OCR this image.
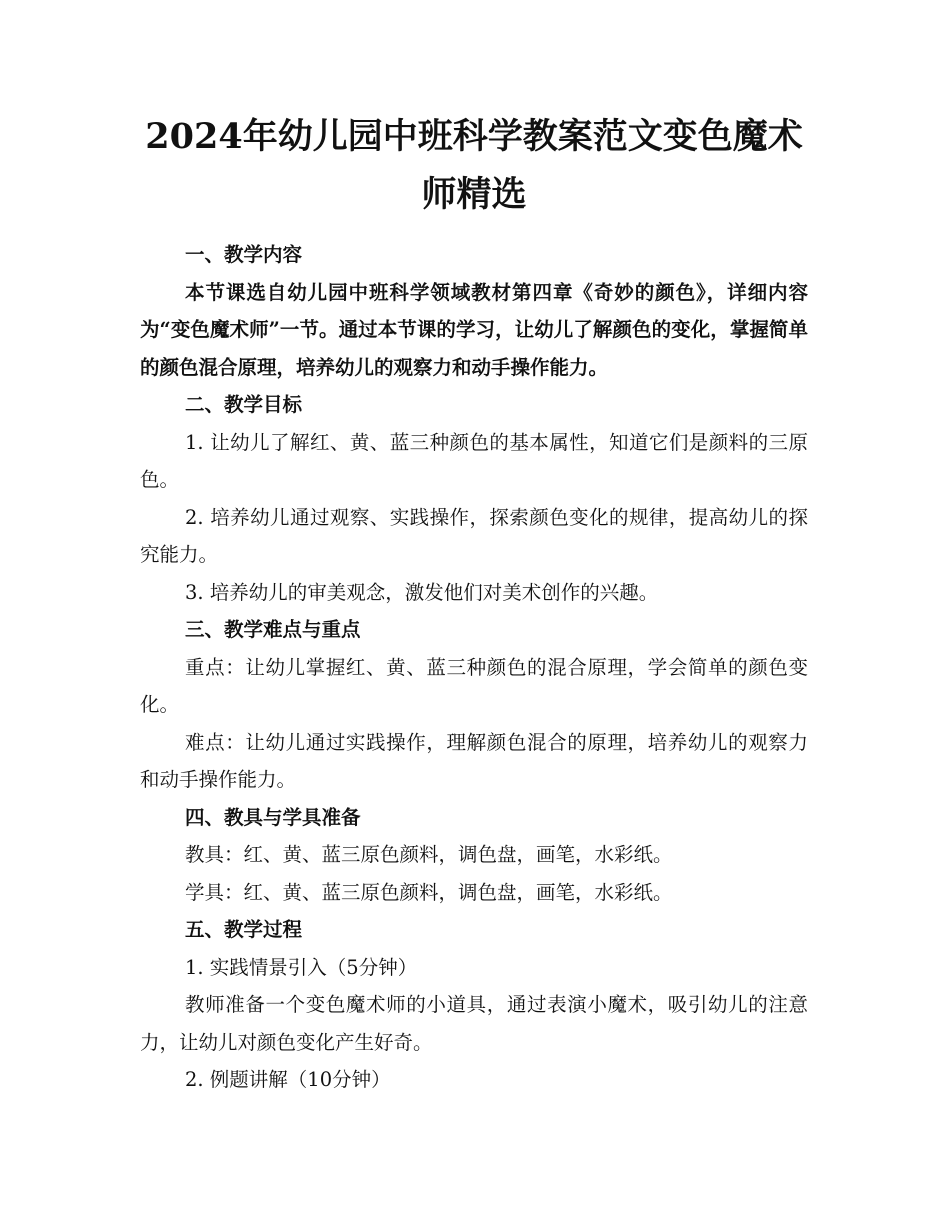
2024年幼儿园中班科学教案范文变色魔术师精选

一、教学内容

本节课选自幼儿园中班科学领域教材第四章《奇妙的颜色》，详细内容为“变色魔术师”一节。通过本节课的学习，让幼儿了解颜色的变化，掌握简单的颜色混合原理，培养幼儿的观察力和动手操作能力。

二、教学目标

1. 让幼儿了解红、黄、蓝三种颜色的基本属性，知道它们是颜料的三原色。

2. 培养幼儿通过观察、实践操作，探索颜色变化的规律，提高幼儿的探究能力。

3. 培养幼儿的审美观念，激发他们对美术创作的兴趣。

三、教学难点与重点

重点：让幼儿掌握红、黄、蓝三种颜色的混合原理，学会简单的颜色变化。

难点：让幼儿通过实践操作，理解颜色混合的原理，培养幼儿的观察力和动手操作能力。

四、教具与学具准备

教具：红、黄、蓝三原色颜料，调色盘，画笔，水彩纸。

学具：红、黄、蓝三原色颜料，调色盘，画笔，水彩纸。

五、教学过程

1. 实践情景引入（5分钟）

教师准备一个变色魔术师的小道具，通过表演小魔术，吸引幼儿的注意力，让幼儿对颜色变化产生好奇。

2. 例题讲解（10分钟）
